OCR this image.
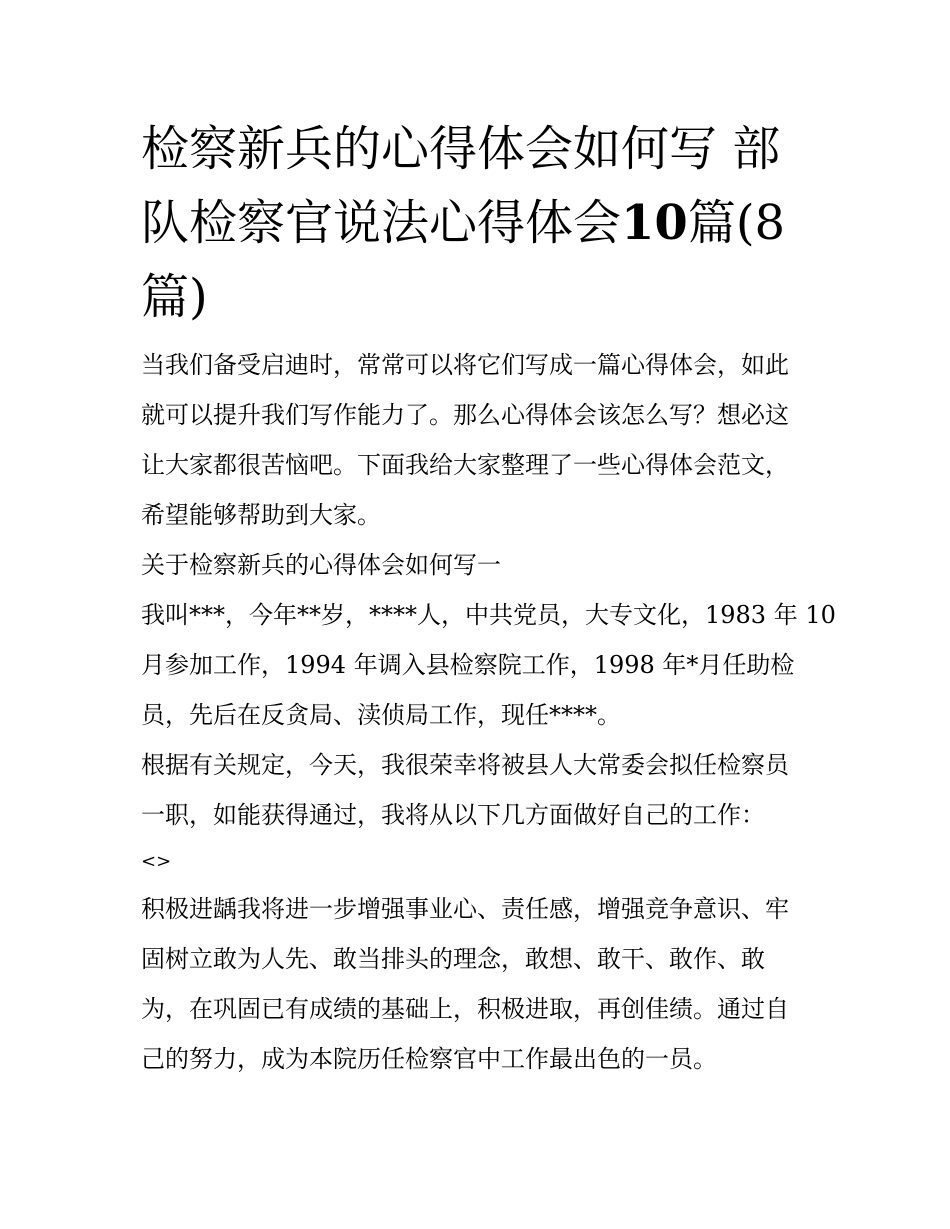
检察新兵的心得体会如何写 部
队检察官说法心得体会10篇(8
篇)

当我们备受启迪时，常常可以将它们写成一篇心得体会，如此
就可以提升我们写作能力了。那么心得体会该怎么写？想必这
让大家都很苦恼吧。下面我给大家整理了一些心得体会范文，
希望能够帮助到大家。

关于检察新兵的心得体会如何写一

我叫***，今年**岁，****人，中共党员，大专文化，1983 年 10
月参加工作，1994 年调入县检察院工作，1998 年*月任助检
员，先后在反贪局、渎侦局工作，现任****。

根据有关规定，今天，我很荣幸将被县人大常委会拟任检察员
一职，如能获得通过，我将从以下几方面做好自己的工作：

<>

积极进龋我将进一步增强事业心、责任感，增强竞争意识、牢
固树立敢为人先、敢当排头的理念，敢想、敢干、敢作、敢
为，在巩固已有成绩的基础上，积极进取，再创佳绩。通过自
己的努力，成为本院历任检察官中工作最出色的一员。
